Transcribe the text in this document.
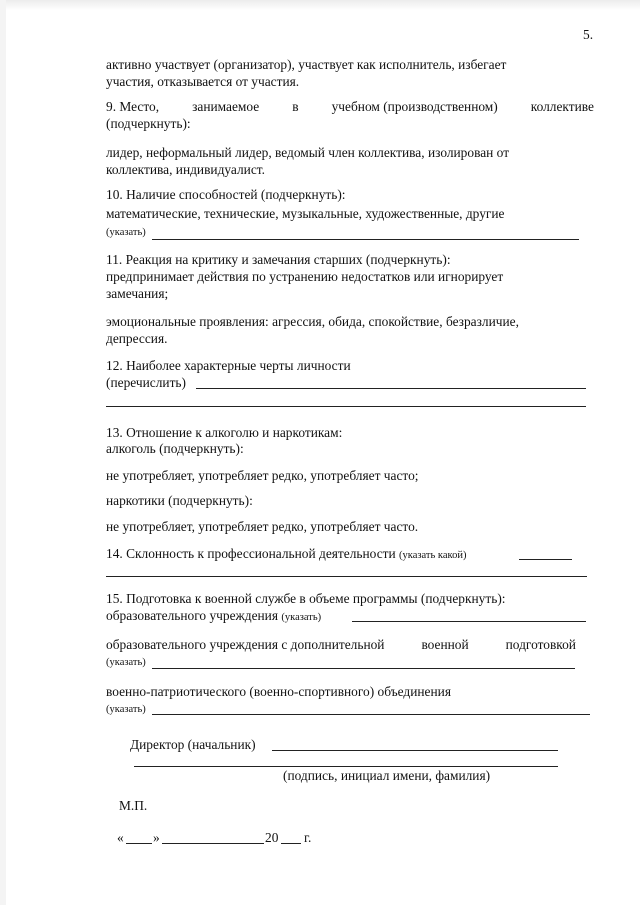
5.
активно участвует (организатор), участвует как исполнитель, избегает
участия, отказывается от участия.
9. Место, занимаемое в учебном (производственном) коллективе
(подчеркнуть):
лидер, неформальный лидер, ведомый член коллектива, изолирован от
коллектива, индивидуалист.
10. Наличие способностей (подчеркнуть):
математические, технические, музыкальные, художественные, другие
(указать)
11. Реакция на критику и замечания старших (подчеркнуть):
предпринимает действия по устранению недостатков или игнорирует
замечания;
эмоциональные проявления: агрессия, обида, спокойствие, безразличие,
депрессия.
12. Наиболее характерные черты личности
(перечислить)
13. Отношение к алкоголю и наркотикам:
алкоголь (подчеркнуть):
не употребляет, употребляет редко, употребляет часто;
наркотики (подчеркнуть):
не употребляет, употребляет редко, употребляет часто.
14. Склонность к профессиональной деятельности (указать какой)
15. Подготовка к военной службе в объеме программы (подчеркнуть):
образовательного учреждения (указать)
образовательного учреждения с дополнительной	военной	подготовкой
(указать)
военно-патриотического (военно-спортивного) объединения
(указать)
Директор (начальник)
(подпись, инициал имени, фамилия)
М.П.
« »	20 г.
